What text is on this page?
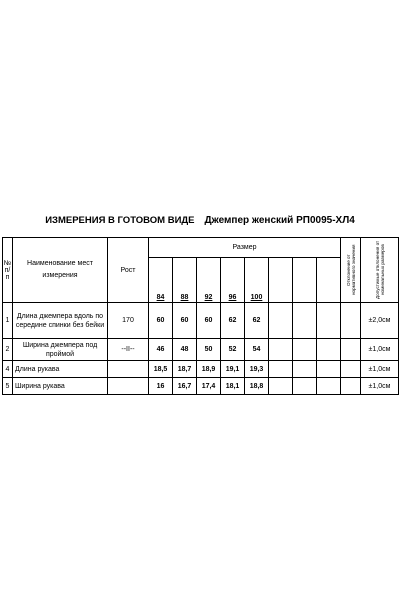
ИЗМЕРЕНИЯ В ГОТОВОМ ВИДЕ Джемпер женский РП0095-ХЛ4
№ п/п	Наименование мест измерения	Рост	Размер								Отклонение от нормативного значения	Допустимые отклонения от номинальных размеров

			84	88	92	96	100					
1	Длина джемпера вдоль по середине спинки без бейки	170	60	60	60	62	62					±2,0см
2	Ширина джемпера под проймой	--II--	46	48	50	52	54					±1,0см
4	Длина рукава		18,5	18,7	18,9	19,1	19,3					±1,0см
5	Ширина рукава		16	16,7	17,4	18,1	18,8					±1,0см
